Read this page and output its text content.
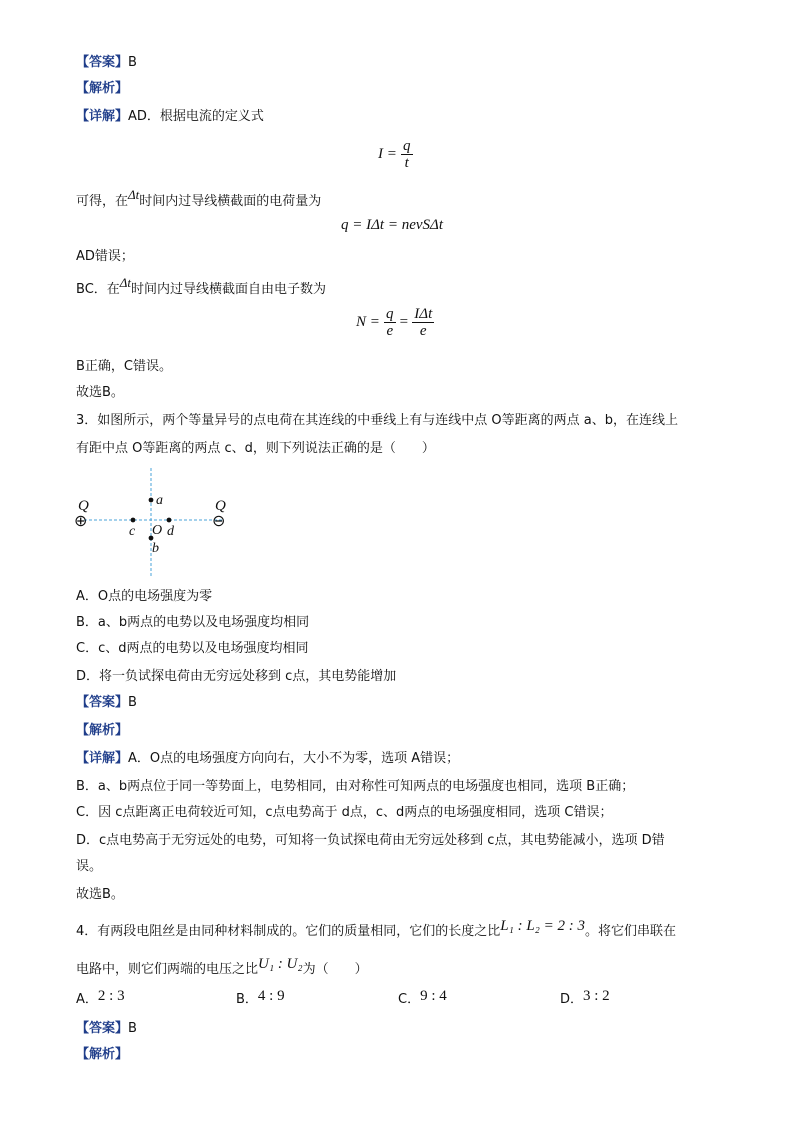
【答案】B
【解析】
【详解】AD．根据电流的定义式
$I = \frac{q}{t}$
可得，在Δt时间内过导线横截面的电荷量为
q = IΔt = nevSΔt
AD错误；
BC．在Δt时间内过导线横截面自由电子数为
$N = \frac{q}{e} = \frac{\text{IΔt}}{e}$
B正确，C错误。
故选B。
3．如图所示，两个等量异号的点电荷在其连线的中垂线上有与连线中点 O等距离的两点 a、b，在连线上
有距中点 O等距离的两点 c、d，则下列说法正确的是（　　）
Q
⊕
Q
⊖
a
b
c d
O
A．O点的电场强度为零
B．a、b两点的电势以及电场强度均相同
C．c、d两点的电势以及电场强度均相同
D．将一负试探电荷由无穷远处移到 c点，其电势能增加
【答案】B
【解析】
【详解】A．O点的电场强度方向向右，大小不为零，选项 A错误；
B．a、b两点位于同一等势面上，电势相同，由对称性可知两点的电场强度也相同，选项 B正确；
C．因 c点距离正电荷较近可知，c点电势高于 d点，c、d两点的电场强度相同，选项 C错误；
D．c点电势高于无穷远处的电势，可知将一负试探电荷由无穷远处移到 c点，其电势能减小，选项 D错
误。
故选B。
4．有两段电阻丝是由同种材料制成的。它们的质量相同，它们的长度之比L₁ : L₂ = 2 : 3。将它们串联在
电路中，则它们两端的电压之比U₁ : U₂为（　　）
A．2 : 3	B．4 : 9	C．9 : 4	D．3 : 2
【答案】B
【解析】
